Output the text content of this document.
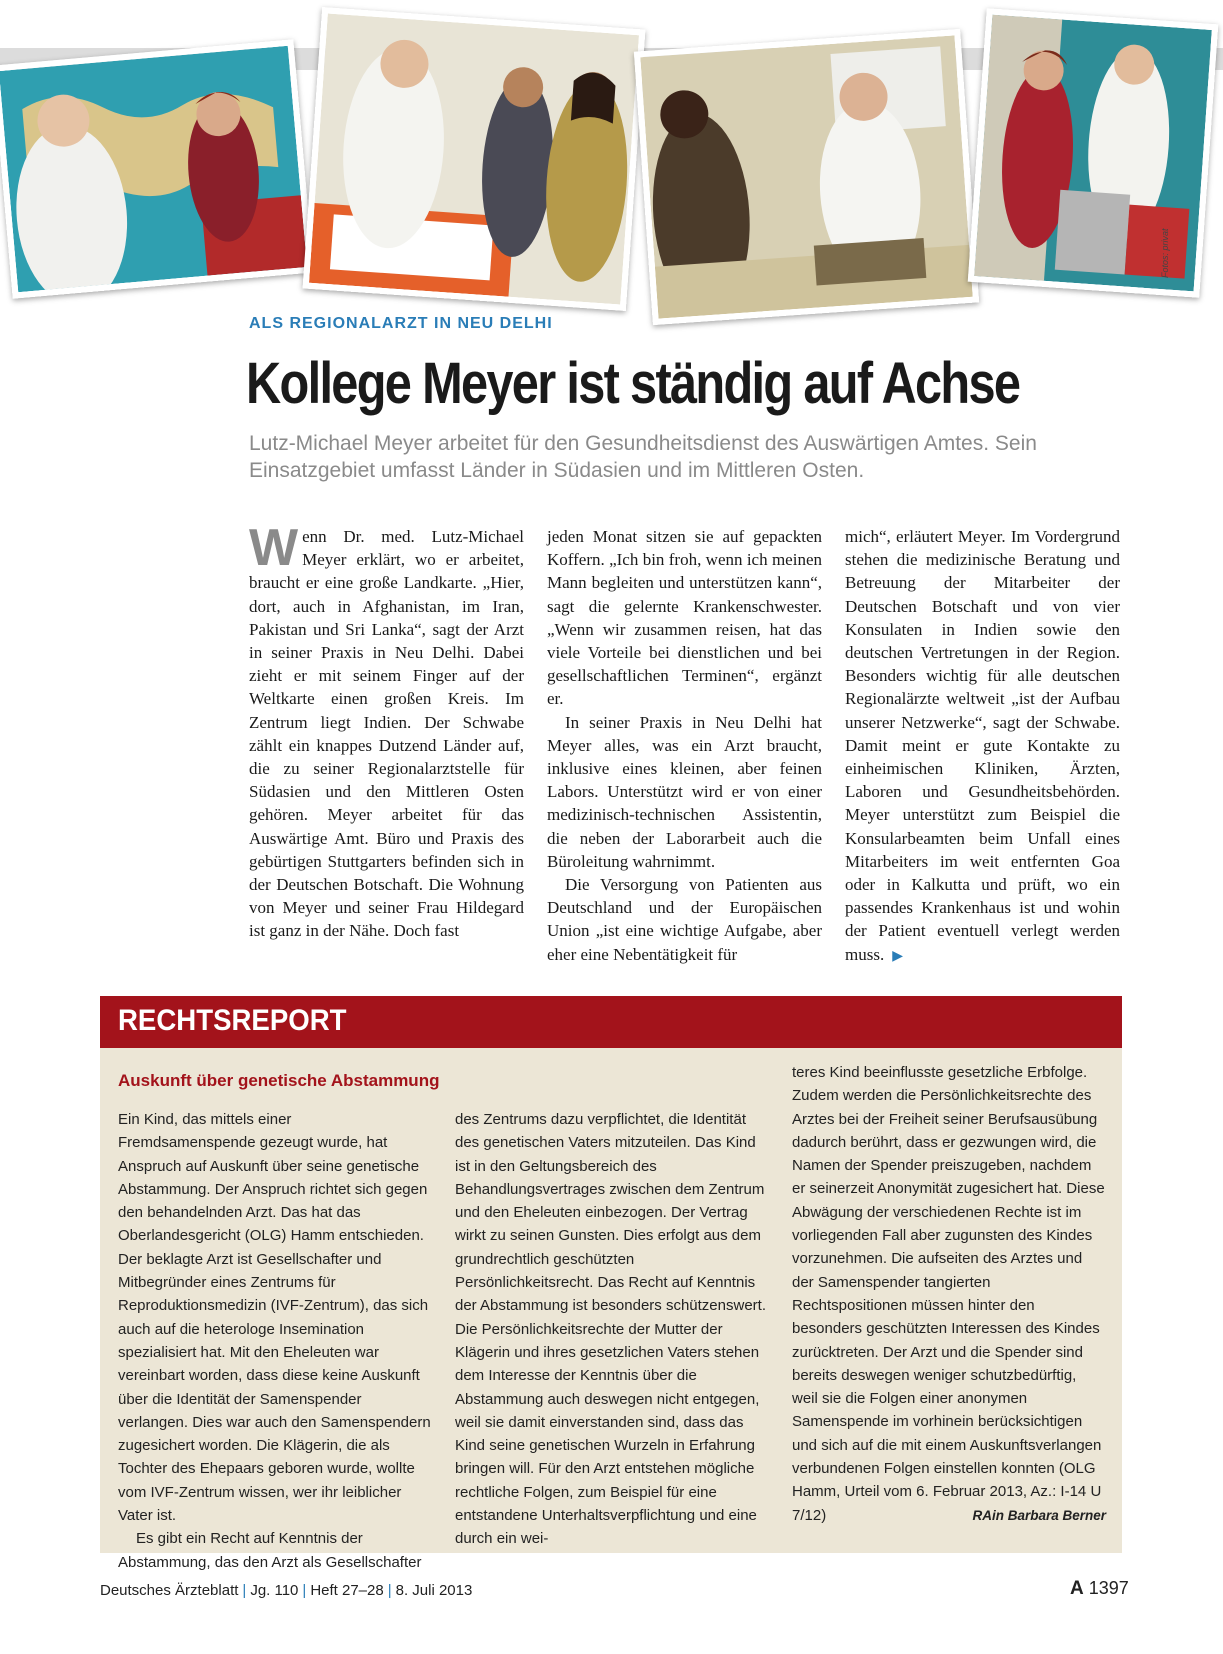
Fotos: privat
ALS REGIONALARZT IN NEU DELHI
Kollege Meyer ist ständig auf Achse
Lutz-Michael Meyer arbeitet für den Gesundheitsdienst des Auswärtigen Amtes. Sein Einsatzgebiet umfasst Länder in Südasien und im Mittleren Osten.

Wenn Dr. med. Lutz-Michael Meyer erklärt, wo er arbeitet, braucht er eine große Landkarte. „Hier, dort, auch in Afghanistan, im Iran, Pakistan und Sri Lanka“, sagt der Arzt in seiner Praxis in Neu Delhi. Dabei zieht er mit seinem Finger auf der Weltkarte einen großen Kreis. Im Zentrum liegt Indien. Der Schwabe zählt ein knappes Dutzend Länder auf, die zu seiner Regionalarztstelle für Südasien und den Mittleren Osten gehören. Meyer arbeitet für das Auswärtige Amt. Büro und Praxis des gebürtigen Stuttgarters befinden sich in der Deutschen Botschaft. Die Wohnung von Meyer und seiner Frau Hildegard ist ganz in der Nähe. Doch fast

jeden Monat sitzen sie auf gepackten Koffern. „Ich bin froh, wenn ich meinen Mann begleiten und unterstützen kann“, sagt die gelernte Krankenschwester. „Wenn wir zusammen reisen, hat das viele Vorteile bei dienstlichen und bei gesellschaftlichen Terminen“, ergänzt er.

In seiner Praxis in Neu Delhi hat Meyer alles, was ein Arzt braucht, inklusive eines kleinen, aber feinen Labors. Unterstützt wird er von einer medizinisch-technischen Assistentin, die neben der Laborarbeit auch die Büroleitung wahrnimmt.

Die Versorgung von Patienten aus Deutschland und der Europäischen Union „ist eine wichtige Aufgabe, aber eher eine Nebentätigkeit für

mich“, erläutert Meyer. Im Vordergrund stehen die medizinische Beratung und Betreuung der Mitarbeiter der Deutschen Botschaft und von vier Konsulaten in Indien sowie den deutschen Vertretungen in der Region. Besonders wichtig für alle deutschen Regionalärzte weltweit „ist der Aufbau unserer Netzwerke“, sagt der Schwabe. Damit meint er gute Kontakte zu einheimischen Kliniken, Ärzten, Laboren und Gesundheitsbehörden. Meyer unterstützt zum Beispiel die Konsularbeamten beim Unfall eines Mitarbeiters im weit entfernten Goa oder in Kalkutta und prüft, wo ein passendes Krankenhaus ist und wohin der Patient eventuell verlegt werden muss. ▶

RECHTSREPORT
Auskunft über genetische Abstammung

Ein Kind, das mittels einer Fremdsamenspende gezeugt wurde, hat Anspruch auf Auskunft über seine genetische Abstammung. Der Anspruch richtet sich gegen den behandelnden Arzt. Das hat das Oberlandesgericht (OLG) Hamm entschieden. Der beklagte Arzt ist Gesellschafter und Mitbegründer eines Zentrums für Reproduktionsmedizin (IVF-Zentrum), das sich auch auf die heterologe Insemination spezialisiert hat. Mit den Eheleuten war vereinbart worden, dass diese keine Auskunft über die Identität der Samenspender verlangen. Dies war auch den Samenspendern zugesichert worden. Die Klägerin, die als Tochter des Ehepaars geboren wurde, wollte vom IVF-Zentrum wissen, wer ihr leiblicher Vater ist.

Es gibt ein Recht auf Kenntnis der Abstammung, das den Arzt als Gesellschafter

des Zentrums dazu verpflichtet, die Identität des genetischen Vaters mitzuteilen. Das Kind ist in den Geltungsbereich des Behandlungsvertrages zwischen dem Zentrum und den Eheleuten einbezogen. Der Vertrag wirkt zu seinen Gunsten. Dies erfolgt aus dem grundrechtlich geschützten Persönlichkeitsrecht. Das Recht auf Kenntnis der Abstammung ist besonders schützenswert. Die Persönlichkeitsrechte der Mutter der Klägerin und ihres gesetzlichen Vaters stehen dem Interesse der Kenntnis über die Abstammung auch deswegen nicht entgegen, weil sie damit einverstanden sind, dass das Kind seine genetischen Wurzeln in Erfahrung bringen will. Für den Arzt entstehen mögliche rechtliche Folgen, zum Beispiel für eine entstandene Unterhaltsverpflichtung und eine durch ein wei-

teres Kind beeinflusste gesetzliche Erbfolge. Zudem werden die Persönlichkeitsrechte des Arztes bei der Freiheit seiner Berufsausübung dadurch berührt, dass er gezwungen wird, die Namen der Spender preiszugeben, nachdem er seinerzeit Anonymität zugesichert hat. Diese Abwägung der verschiedenen Rechte ist im vorliegenden Fall aber zugunsten des Kindes vorzunehmen. Die aufseiten des Arztes und der Samenspender tangierten Rechtspositionen müssen hinter den besonders geschützten Interessen des Kindes zurücktreten. Der Arzt und die Spender sind bereits deswegen weniger schutzbedürftig, weil sie die Folgen einer anonymen Samenspende im vorhinein berücksichtigen und sich auf die mit einem Auskunftsverlangen verbundenen Folgen einstellen konnten (OLG Hamm, Urteil vom 6. Februar 2013, Az.: I-14 U 7/12)	RAin Barbara Berner

Deutsches Ärzteblatt | Jg. 110 | Heft 27–28 | 8. Juli 2013	A 1397
